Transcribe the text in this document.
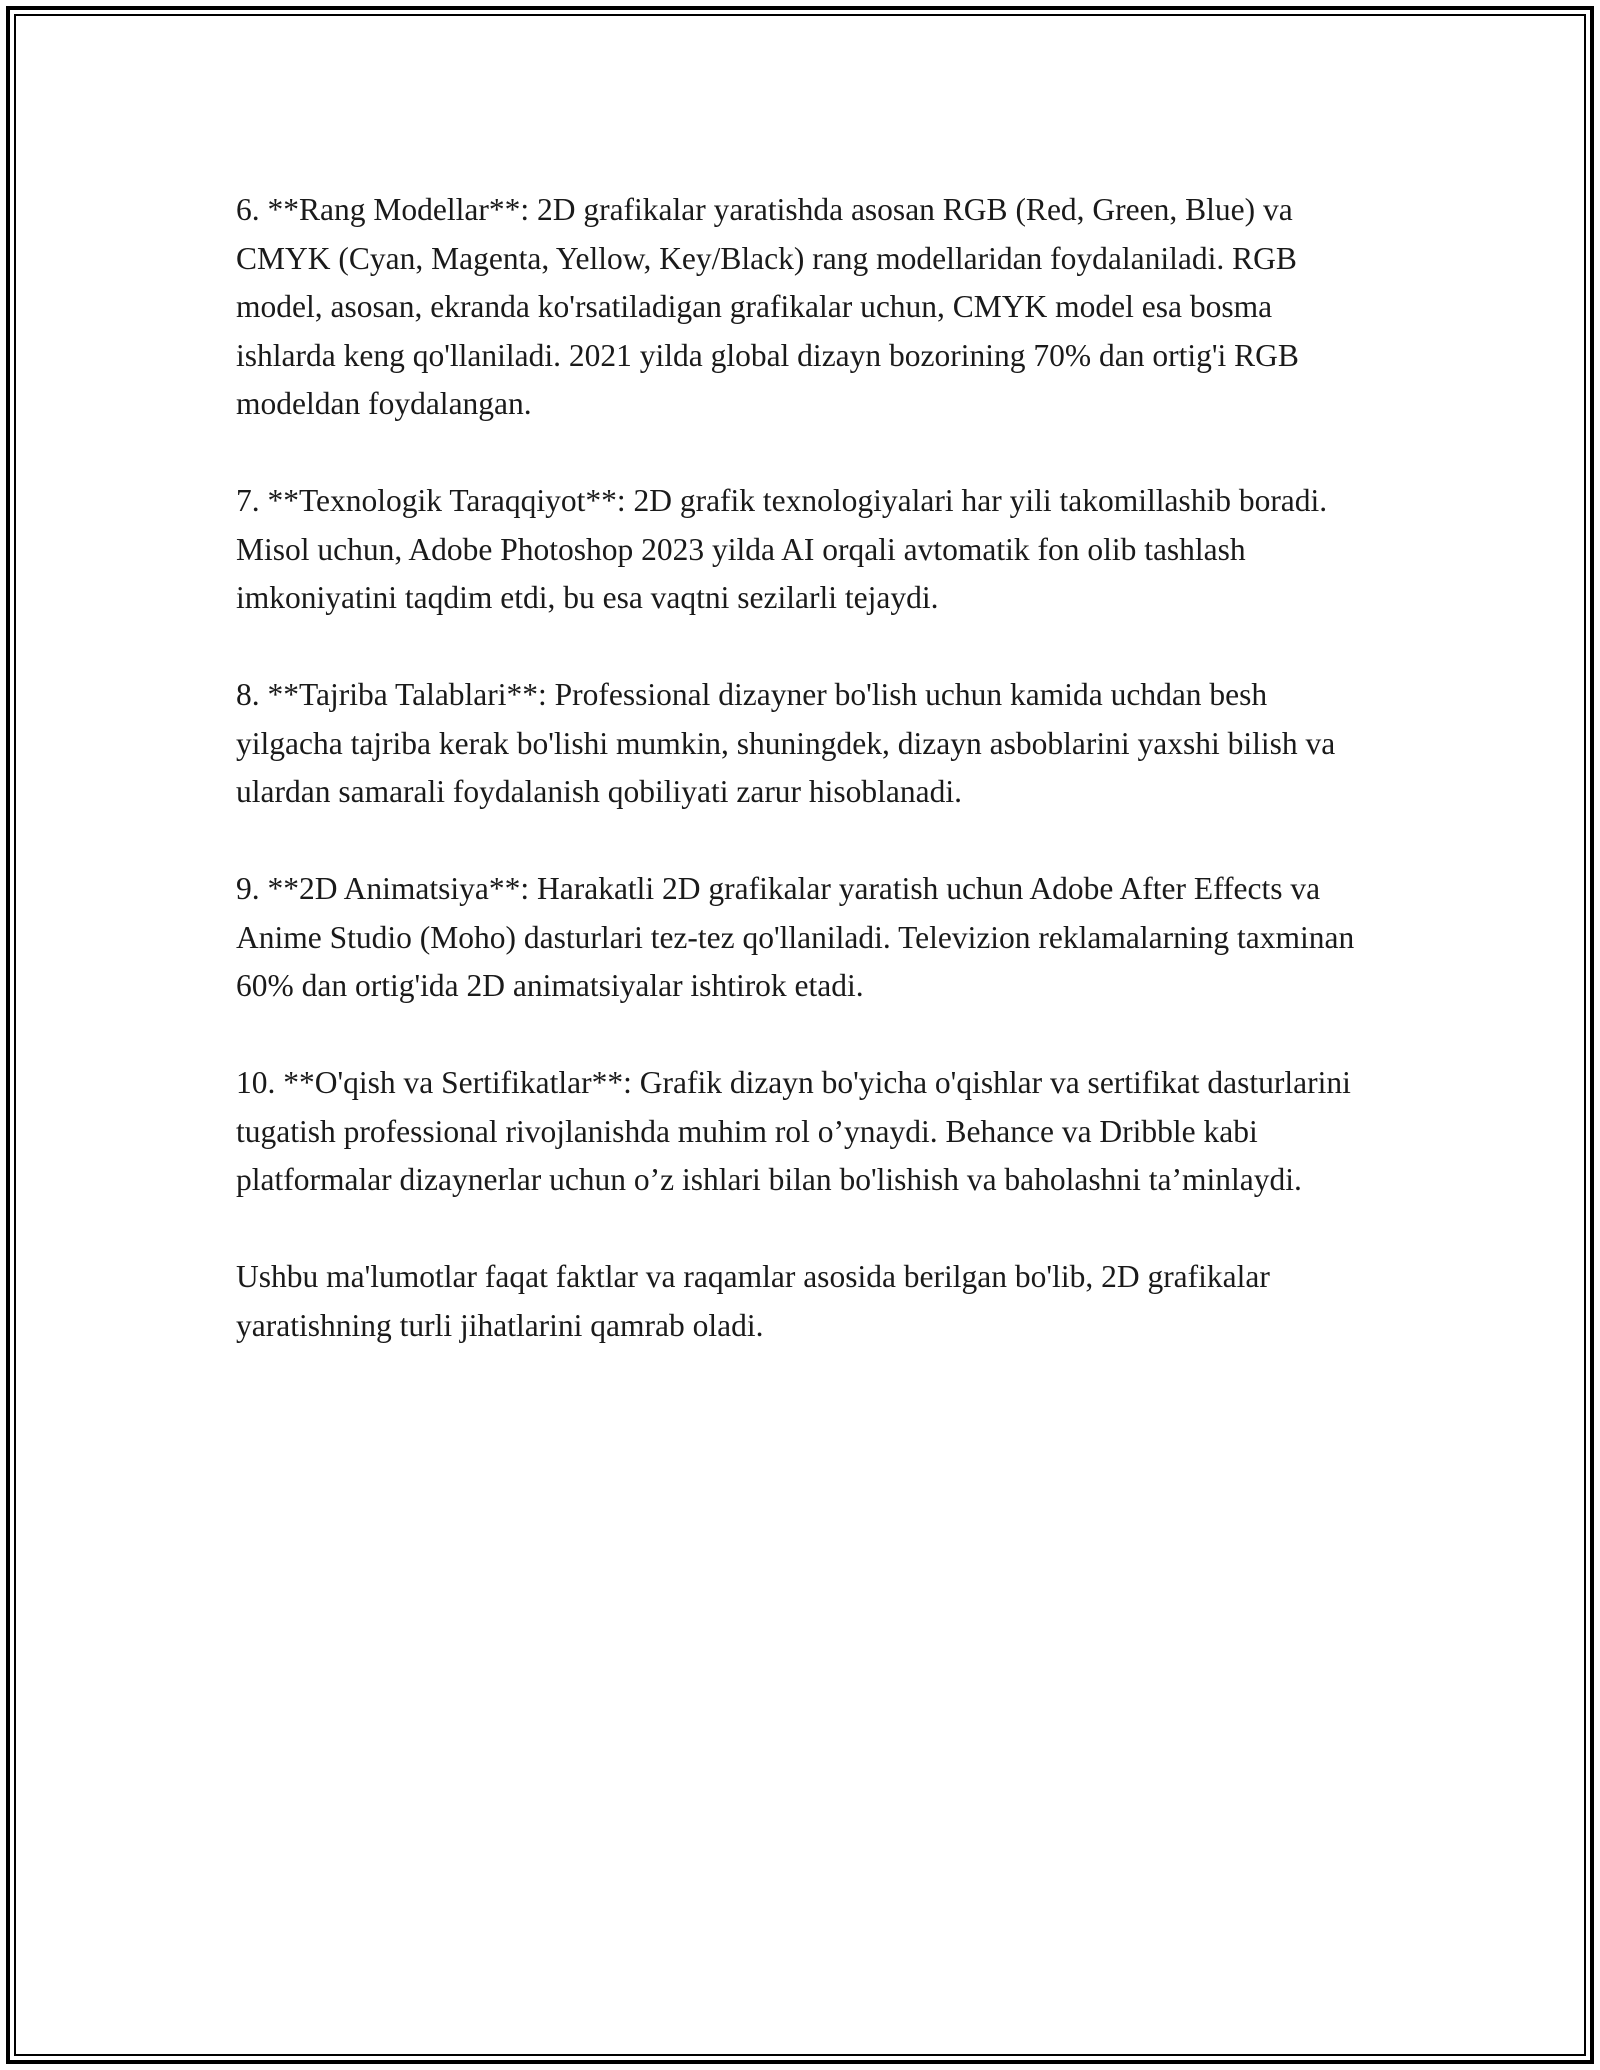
6. **Rang Modellar**: 2D grafikalar yaratishda asosan RGB (Red, Green, Blue) va CMYK (Cyan, Magenta, Yellow, Key/Black) rang modellaridan foydalaniladi. RGB model, asosan, ekranda ko'rsatiladigan grafikalar uchun, CMYK model esa bosma ishlarda keng qo'llaniladi. 2021 yilda global dizayn bozorining 70% dan ortig'i RGB modeldan foydalangan.

7. **Texnologik Taraqqiyot**: 2D grafik texnologiyalari har yili takomillashib boradi. Misol uchun, Adobe Photoshop 2023 yilda AI orqali avtomatik fon olib tashlash imkoniyatini taqdim etdi, bu esa vaqtni sezilarli tejaydi.

8. **Tajriba Talablari**: Professional dizayner bo'lish uchun kamida uchdan besh yilgacha tajriba kerak bo'lishi mumkin, shuningdek, dizayn asboblarini yaxshi bilish va ulardan samarali foydalanish qobiliyati zarur hisoblanadi.

9. **2D Animatsiya**: Harakatli 2D grafikalar yaratish uchun Adobe After Effects va Anime Studio (Moho) dasturlari tez-tez qo'llaniladi. Televizion reklamalarning taxminan 60% dan ortig'ida 2D animatsiyalar ishtirok etadi.

10. **O'qish va Sertifikatlar**: Grafik dizayn bo'yicha o'qishlar va sertifikat dasturlarini tugatish professional rivojlanishda muhim rol o’ynaydi. Behance va Dribble kabi platformalar dizaynerlar uchun o’z ishlari bilan bo'lishish va baholashni ta’minlaydi.

Ushbu ma'lumotlar faqat faktlar va raqamlar asosida berilgan bo'lib, 2D grafikalar yaratishning turli jihatlarini qamrab oladi.
